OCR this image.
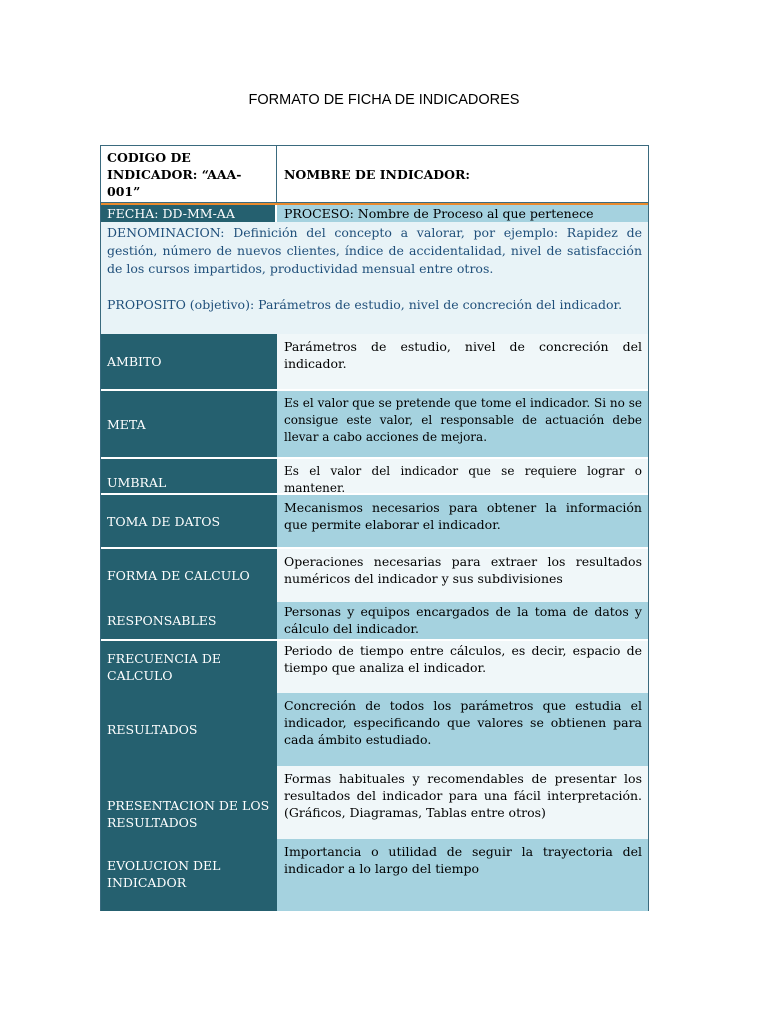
FORMATO DE FICHA DE INDICADORES
CODIGO DE INDICADOR: “AAA-001”
NOMBRE DE INDICADOR:
FECHA: DD-MM-AA	PROCESO: Nombre de Proceso al que pertenece

DENOMINACION: Definición del concepto a valorar, por ejemplo: Rapidez de gestión, número de nuevos clientes, índice de accidentalidad, nivel de satisfacción de los cursos impartidos, productividad mensual entre otros.

PROPOSITO (objetivo): Parámetros de estudio, nivel de concreción del indicador.

AMBITO
Parámetros de estudio, nivel de concreción del indicador.
META
Es el valor que se pretende que tome el indicador. Si no se consigue este valor, el responsable de actuación debe llevar a cabo acciones de mejora.
UMBRAL
Es el valor del indicador que se requiere lograr o mantener.
TOMA DE DATOS
Mecanismos necesarios para obtener la información que permite elaborar el indicador.
FORMA DE CALCULO
Operaciones necesarias para extraer los resultados numéricos del indicador y sus subdivisiones
RESPONSABLES
Personas y equipos encargados de la toma de datos y cálculo del indicador.
FRECUENCIA DE CALCULO
Periodo de tiempo entre cálculos, es decir, espacio de tiempo que analiza el indicador.
RESULTADOS
Concreción de todos los parámetros que estudia el indicador, especificando que valores se obtienen para cada ámbito estudiado.
PRESENTACION DE LOS RESULTADOS
Formas habituales y recomendables de presentar los resultados del indicador para una fácil interpretación. (Gráficos, Diagramas, Tablas entre otros)
EVOLUCION DEL INDICADOR
Importancia o utilidad de seguir la trayectoria del indicador a lo largo del tiempo
